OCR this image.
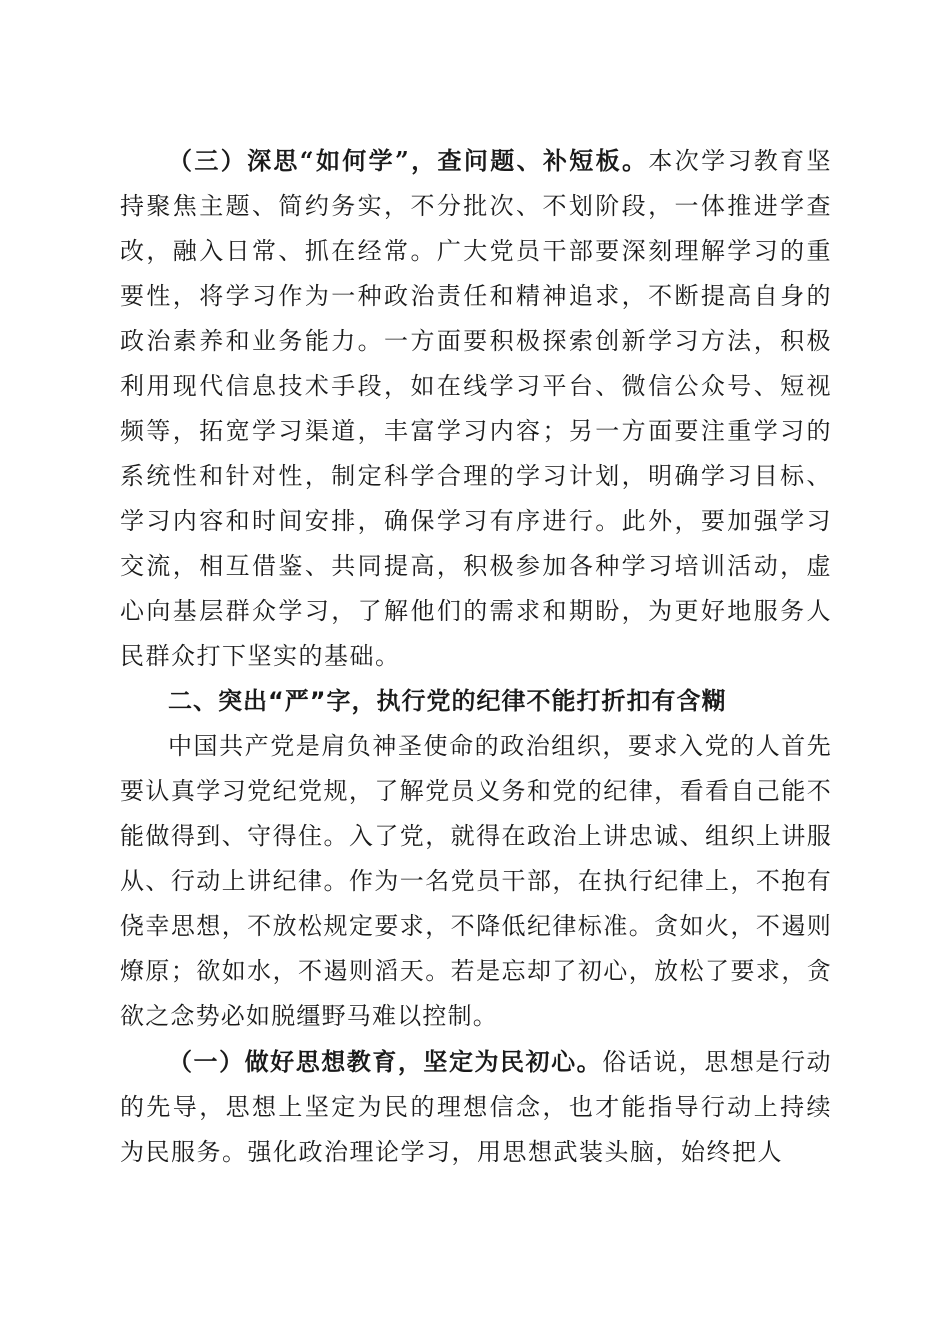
（三）深思“如何学”，查问题、补短板。本次学习教育坚持聚焦主题、简约务实，不分批次、不划阶段，一体推进学查改，融入日常、抓在经常。广大党员干部要深刻理解学习的重要性，将学习作为一种政治责任和精神追求，不断提高自身的政治素养和业务能力。一方面要积极探索创新学习方法，积极利用现代信息技术手段，如在线学习平台、微信公众号、短视频等，拓宽学习渠道，丰富学习内容；另一方面要注重学习的系统性和针对性，制定科学合理的学习计划，明确学习目标、学习内容和时间安排，确保学习有序进行。此外，要加强学习交流，相互借鉴、共同提高，积极参加各种学习培训活动，虚心向基层群众学习，了解他们的需求和期盼，为更好地服务人民群众打下坚实的基础。

二、突出“严”字，执行党的纪律不能打折扣有含糊

中国共产党是肩负神圣使命的政治组织，要求入党的人首先要认真学习党纪党规，了解党员义务和党的纪律，看看自己能不能做得到、守得住。入了党，就得在政治上讲忠诚、组织上讲服从、行动上讲纪律。作为一名党员干部，在执行纪律上，不抱有侥幸思想，不放松规定要求，不降低纪律标准。贪如火，不遏则燎原；欲如水，不遏则滔天。若是忘却了初心，放松了要求，贪欲之念势必如脱缰野马难以控制。

（一）做好思想教育，坚定为民初心。俗话说，思想是行动的先导，思想上坚定为民的理想信念，也才能指导行动上持续为民服务。强化政治理论学习，用思想武装头脑，始终把人
